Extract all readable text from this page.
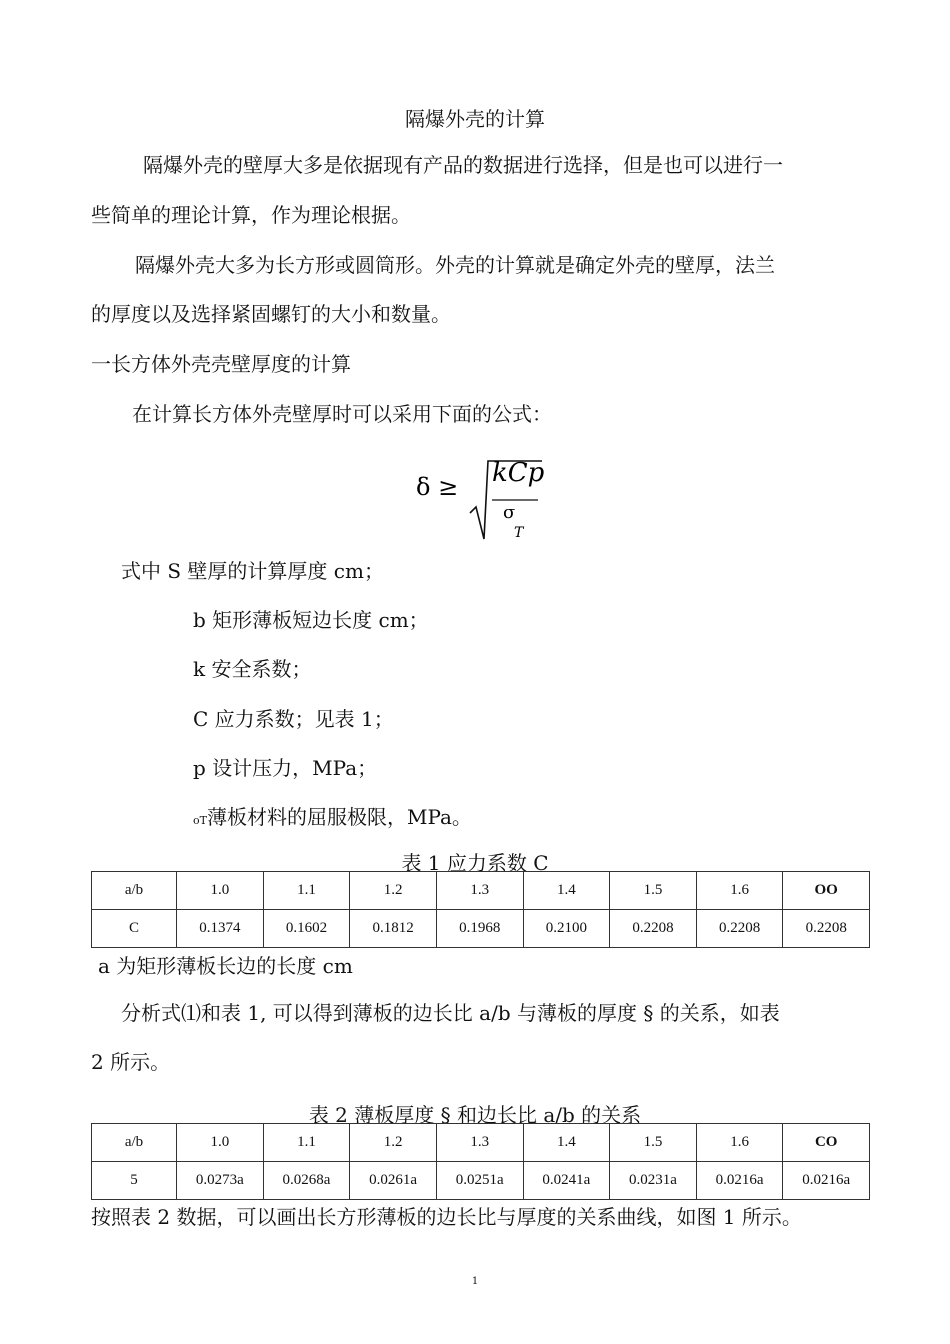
隔爆外壳的计算
隔爆外壳的壁厚大多是依据现有产品的数据进行选择，但是也可以进行一
些简单的理论计算，作为理论根据。
隔爆外壳大多为长方形或圆筒形。外壳的计算就是确定外壳的壁厚，法兰
的厚度以及选择紧固螺钉的大小和数量。
一长方体外壳壳壁厚度的计算
在计算长方体外壳壁厚时可以采用下面的公式：
δ ≥ kCp
σ
T
式中 S 壁厚的计算厚度 cm；
b 矩形薄板短边长度 cm；
k 安全系数；
C 应力系数；见表 1；
p 设计压力，MPa；
oT薄板材料的屈服极限，MPa。
表 1 应力系数 C
a/b	1.0	1.1	1.2	1.3	1.4	1.5	1.6	OO
C	0.1374	0.1602	0.1812	0.1968	0.2100	0.2208	0.2208	0.2208
a 为矩形薄板长边的长度 cm
分析式⑴和表 1, 可以得到薄板的边长比 a/b 与薄板的厚度 § 的关系，如表
2 所示。
表 2 薄板厚度 § 和边长比 a/b 的关系
a/b	1.0	1.1	1.2	1.3	1.4	1.5	1.6	CO
5	0.0273a	0.0268a	0.0261a	0.0251a	0.0241a	0.0231a	0.0216a	0.0216a
按照表 2 数据，可以画出长方形薄板的边长比与厚度的关系曲线，如图 1 所示。
1
